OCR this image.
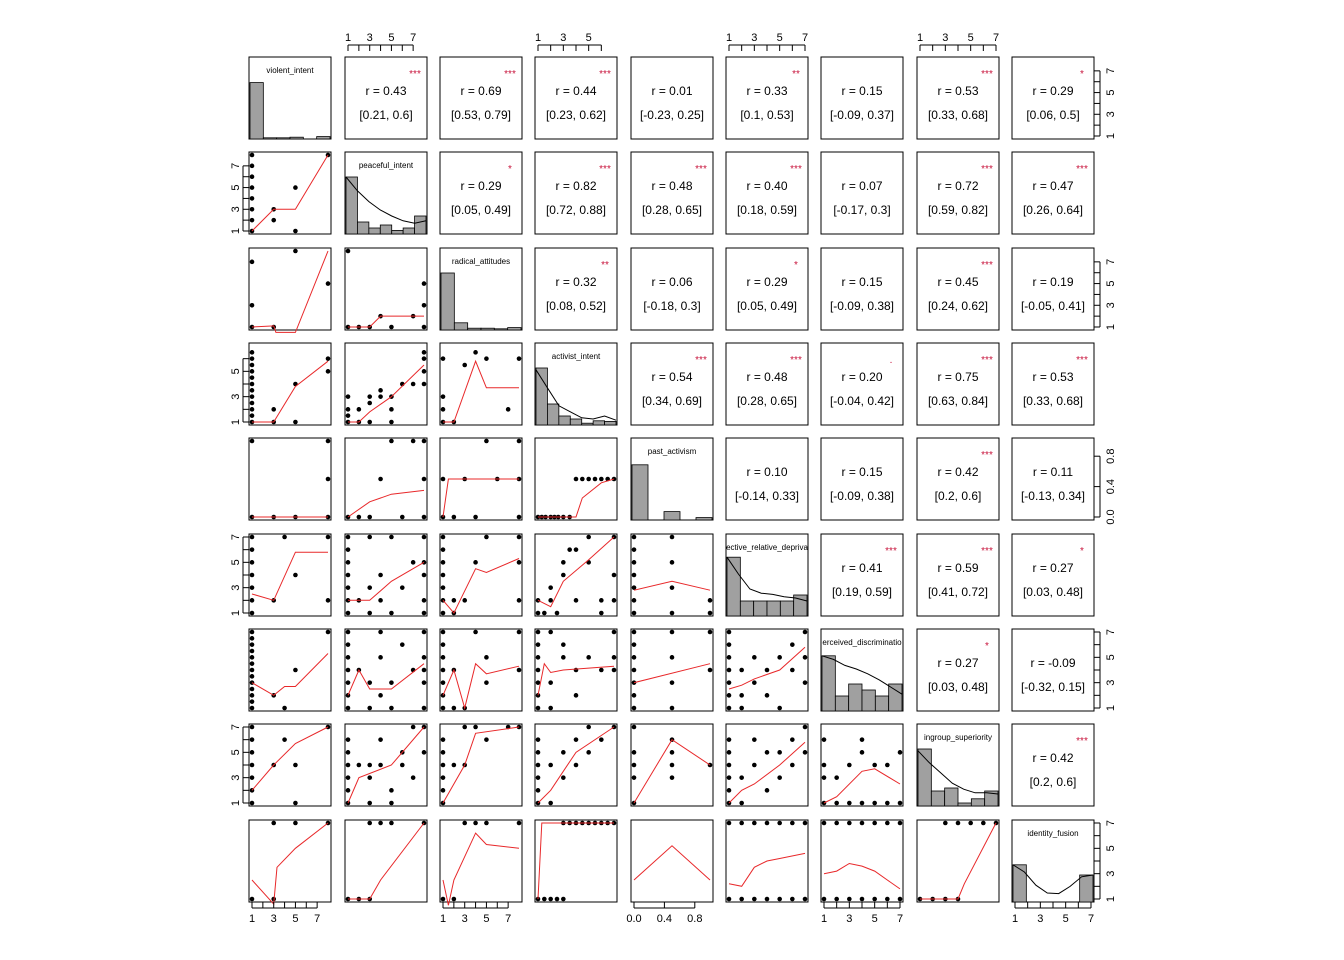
violent_intent
peaceful_intent
radical_attitudes
activist_intent
past_activism
ective_relative_depriva
erceived_discriminatio
ingroup_superiority
identity_fusion
r = 0.43
[0.21, 0.6]
***
r = 0.69
[0.53, 0.79]
***
r = 0.44
[0.23, 0.62]
***
r = 0.01
[-0.23, 0.25]
r = 0.33
[0.1, 0.53]
**
r = 0.15
[-0.09, 0.37]
r = 0.53
[0.33, 0.68]
***
r = 0.29
[0.06, 0.5]
*
r = 0.29
[0.05, 0.49]
*
r = 0.82
[0.72, 0.88]
***
r = 0.48
[0.28, 0.65]
***
r = 0.40
[0.18, 0.59]
***
r = 0.07
[-0.17, 0.3]
r = 0.72
[0.59, 0.82]
***
r = 0.47
[0.26, 0.64]
***
r = 0.32
[0.08, 0.52]
**
r = 0.06
[-0.18, 0.3]
r = 0.29
[0.05, 0.49]
*
r = 0.15
[-0.09, 0.38]
r = 0.45
[0.24, 0.62]
***
r = 0.19
[-0.05, 0.41]
r = 0.54
[0.34, 0.69]
***
r = 0.48
[0.28, 0.65]
***
r = 0.20
[-0.04, 0.42]
.
r = 0.75
[0.63, 0.84]
***
r = 0.53
[0.33, 0.68]
***
r = 0.10
[-0.14, 0.33]
r = 0.15
[-0.09, 0.38]
r = 0.42
[0.2, 0.6]
***
r = 0.11
[-0.13, 0.34]
r = 0.41
[0.19, 0.59]
***
r = 0.59
[0.41, 0.72]
***
r = 0.27
[0.03, 0.48]
*
r = 0.27
[0.03, 0.48]
*
r = -0.09
[-0.32, 0.15]
r = 0.42
[0.2, 0.6]
***
1 3 5 7	1 3 5	1 3 5 7	1 3 5 7
1 3 5 7	1 3 5 7	0.0 0.4 0.8	1 3 5 7	1 3 5 7
1
3
5
7
1
3
5
1
3
5
7
1
3
5
7
1
3
5
7
1
3
5
7
0.0
0.4
0.8
1
3
5
7
1
3
5
7
